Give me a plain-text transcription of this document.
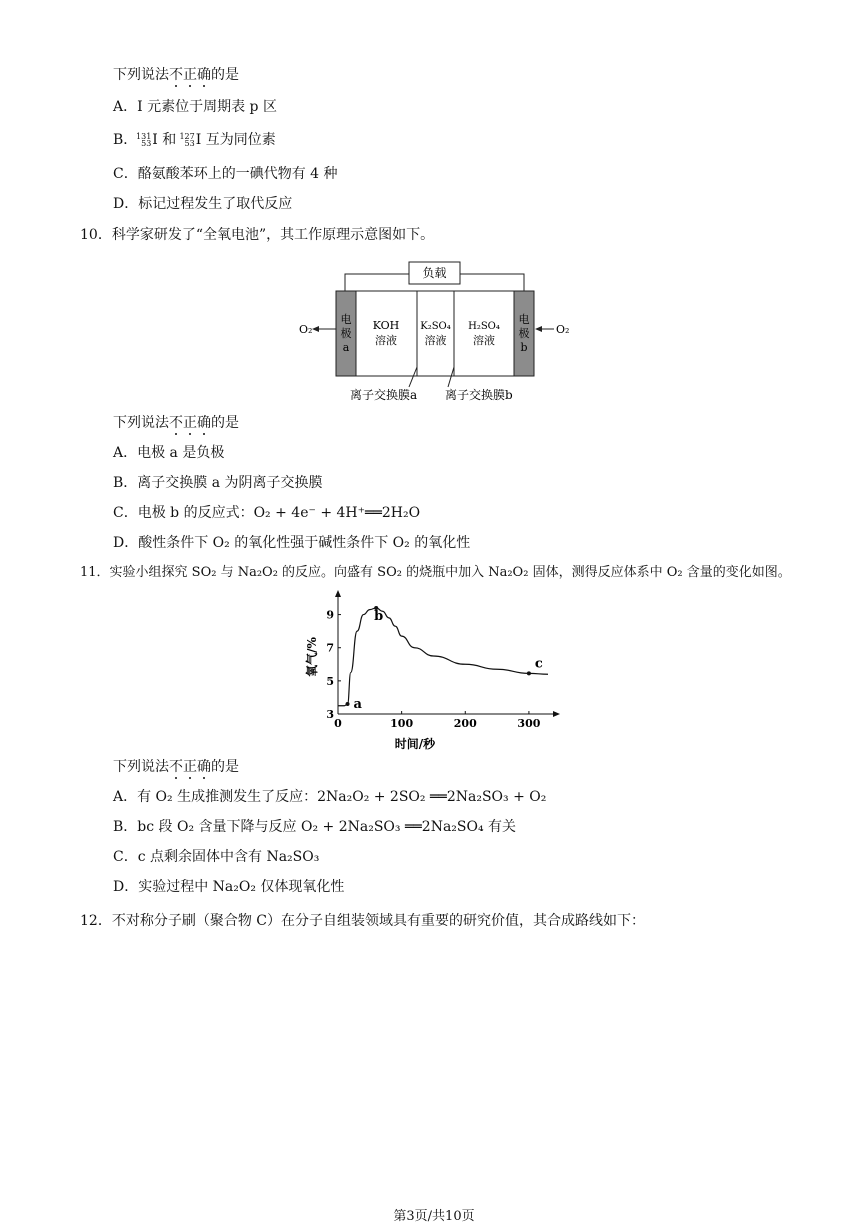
下列说法不正确的是
A．I 元素位于周期表 p 区
B．
131
53 I 和
127
53 I 互为同位素
C．酪氨酸苯环上的一碘代物有 4 种
D．标记过程发生了取代反应
10．科学家研发了“全氧电池”，其工作原理示意图如下。
负载
电
极
a
电
极
b
KOH
溶液
K₂SO₄
溶液
H₂SO₄
溶液
O₂	O₂
离子交换膜a 离子交换膜b
下列说法不正确的是
A．电极 a 是负极
B．离子交换膜 a 为阴离子交换膜
C．电极 b 的反应式：O₂ + 4e⁻ + 4H⁺══2H₂O
D．酸性条件下 O₂ 的氧化性强于碱性条件下 O₂ 的氧化性
11．实验小组探究 SO₂ 与 Na₂O₂ 的反应。向盛有 SO₂ 的烧瓶中加入 Na₂O₂ 固体，测得反应体系中 O₂ 含量的变化如图。
0	100	200	300
3
5
7
9
a
b
c
氧气/%
时间/秒
下列说法不正确的是
A．有 O₂ 生成推测发生了反应：2Na₂O₂ + 2SO₂ ══2Na₂SO₃ + O₂
B．bc 段 O₂ 含量下降与反应 O₂ + 2Na₂SO₃ ══2Na₂SO₄ 有关
C．c 点剩余固体中含有 Na₂SO₃
D．实验过程中 Na₂O₂ 仅体现氧化性
12．不对称分子刷（聚合物 C）在分子自组装领域具有重要的研究价值，其合成路线如下：
第3页/共10页
